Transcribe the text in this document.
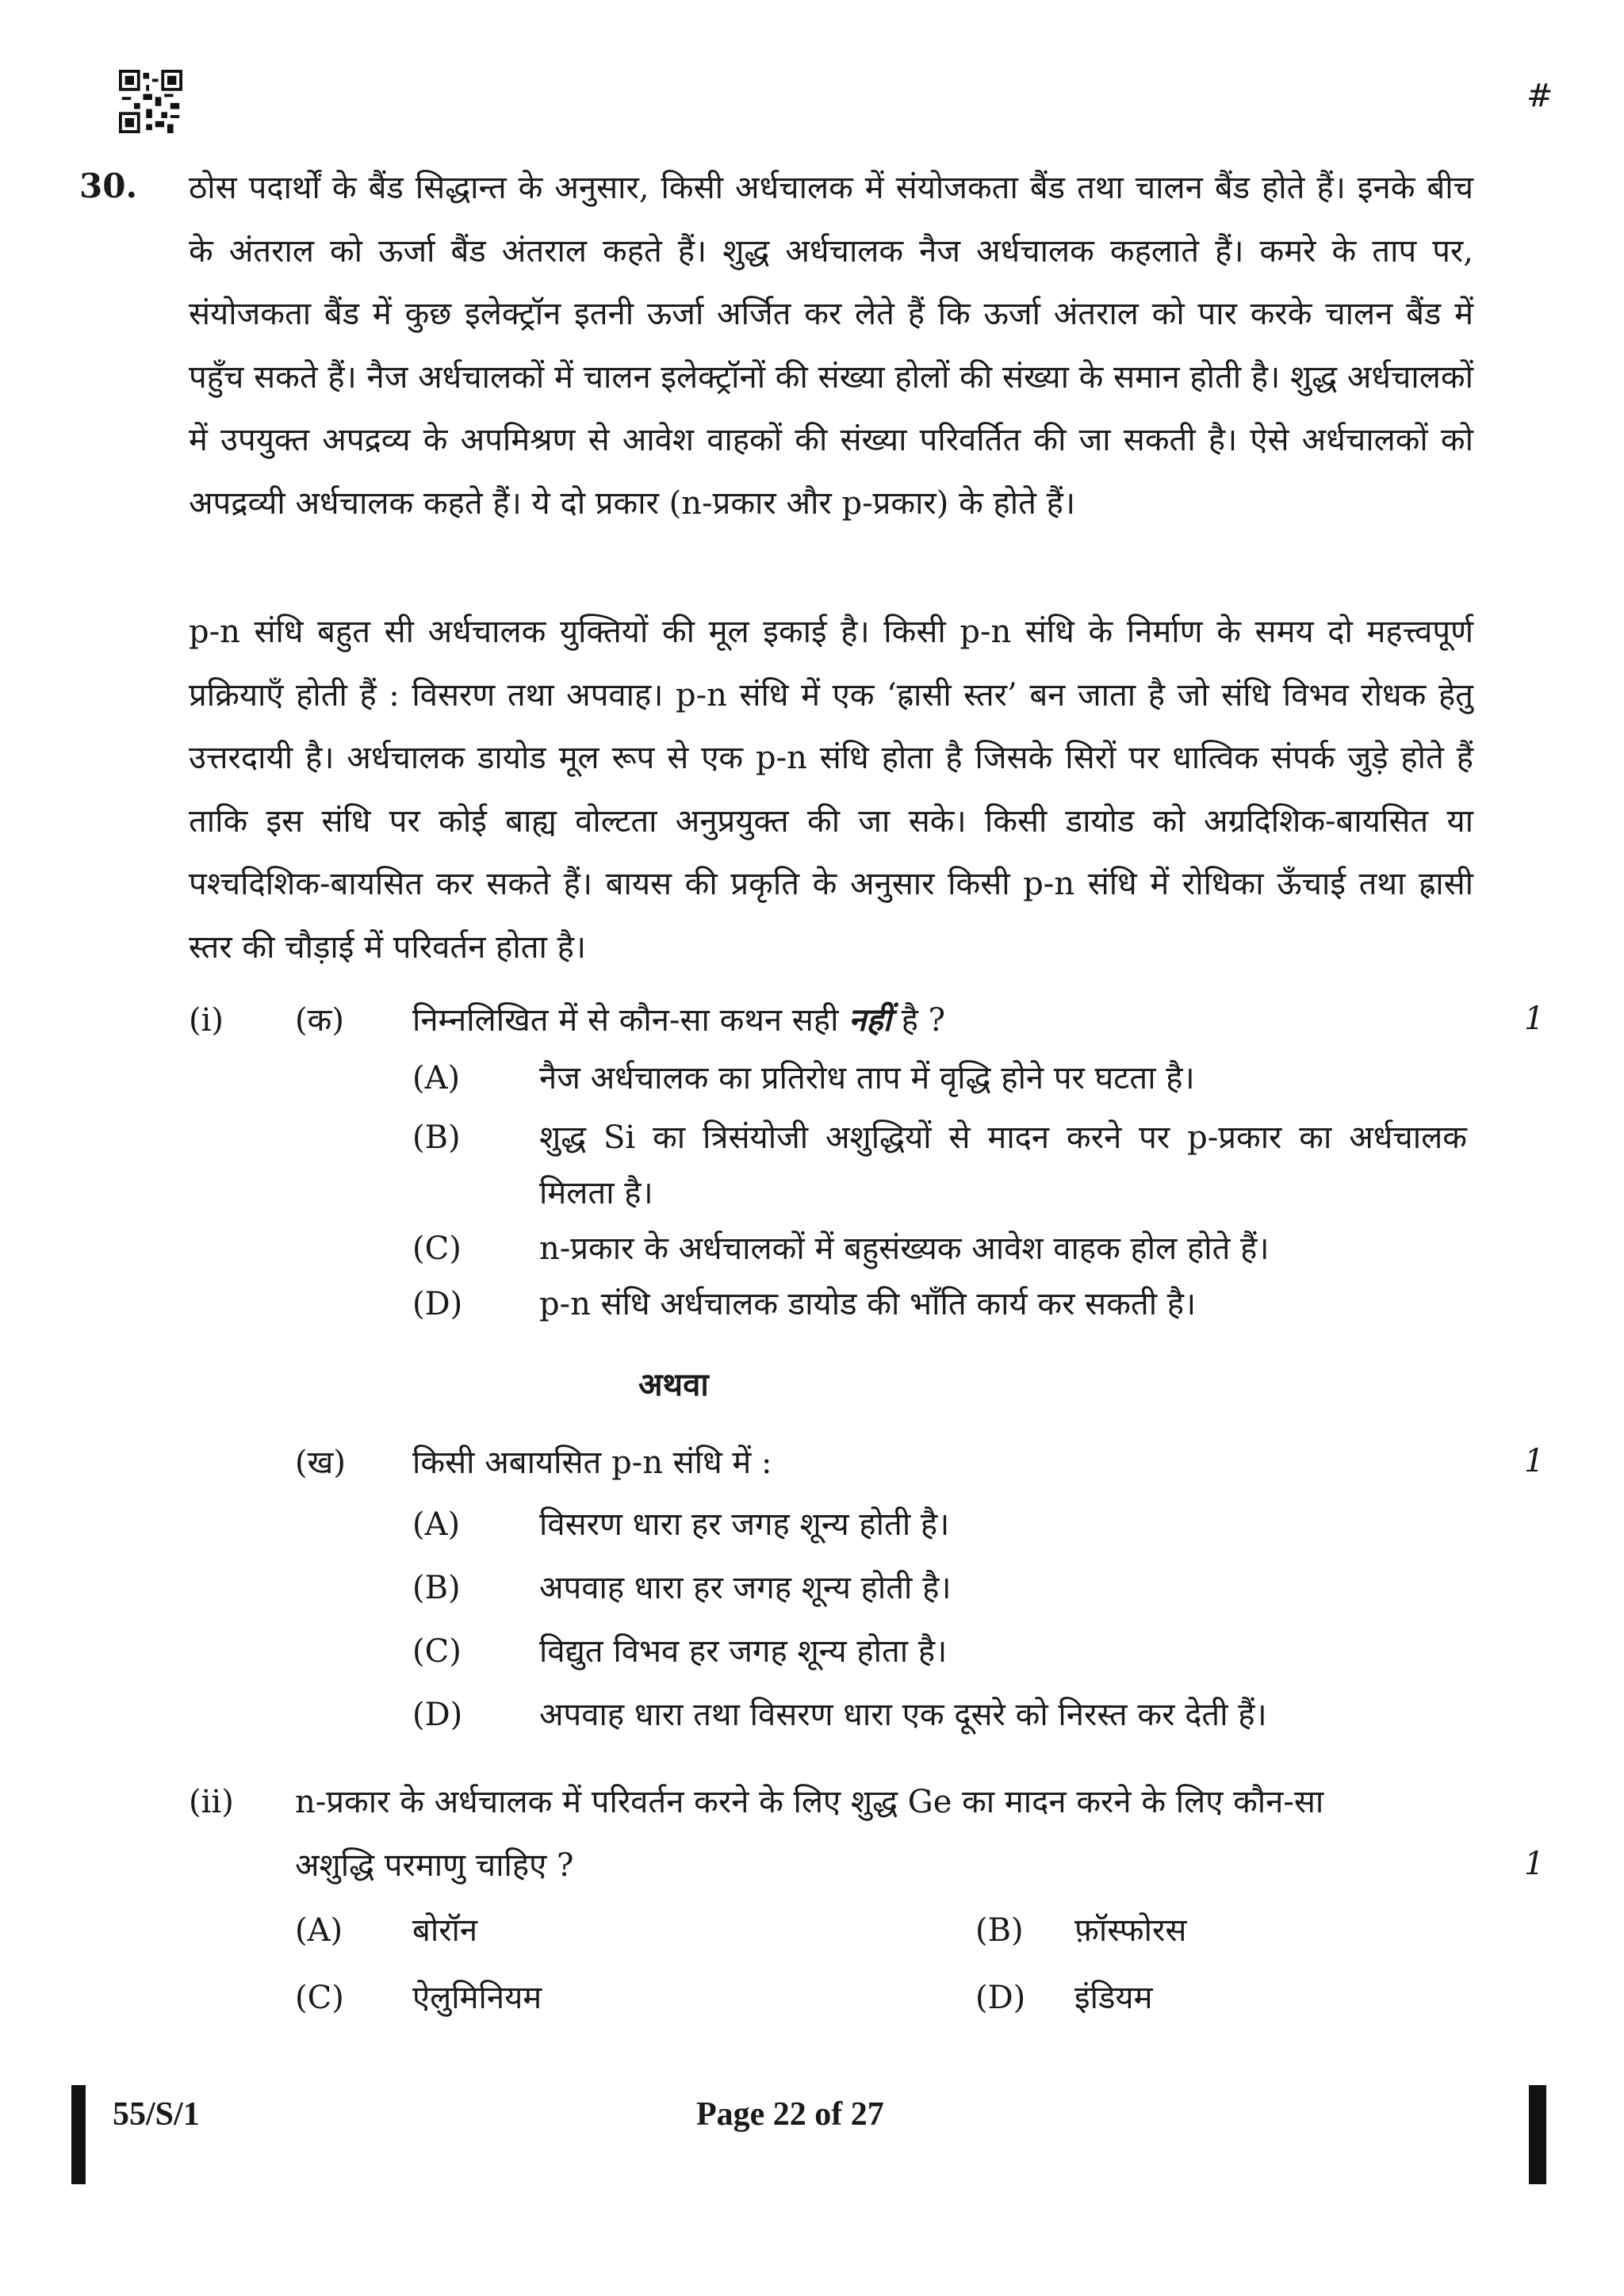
#
30. ठोस पदार्थों के बैंड सिद्धान्त के अनुसार, किसी अर्धचालक में संयोजकता बैंड तथा चालन बैंड होते हैं। इनके बीच के अंतराल को ऊर्जा बैंड अंतराल कहते हैं। शुद्ध अर्धचालक नैज अर्धचालक कहलाते हैं। कमरे के ताप पर, संयोजकता बैंड में कुछ इलेक्ट्रॉन इतनी ऊर्जा अर्जित कर लेते हैं कि ऊर्जा अंतराल को पार करके चालन बैंड में पहुँच सकते हैं। नैज अर्धचालकों में चालन इलेक्ट्रॉनों की संख्या होलों की संख्या के समान होती है। शुद्ध अर्धचालकों में उपयुक्त अपद्रव्य के अपमिश्रण से आवेश वाहकों की संख्या परिवर्तित की जा सकती है। ऐसे अर्धचालकों को अपद्रव्यी अर्धचालक कहते हैं। ये दो प्रकार (n-प्रकार और p-प्रकार) के होते हैं।

p-n संधि बहुत सी अर्धचालक युक्तियों की मूल इकाई है। किसी p-n संधि के निर्माण के समय दो महत्त्वपूर्ण प्रक्रियाएँ होती हैं : विसरण तथा अपवाह। p-n संधि में एक ‘ह्रासी स्तर’ बन जाता है जो संधि विभव रोधक हेतु उत्तरदायी है। अर्धचालक डायोड मूल रूप से एक p-n संधि होता है जिसके सिरों पर धात्विक संपर्क जुड़े होते हैं ताकि इस संधि पर कोई बाह्य वोल्टता अनुप्रयुक्त की जा सके। किसी डायोड को अग्रदिशिक-बायसित या पश्चदिशिक-बायसित कर सकते हैं। बायस की प्रकृति के अनुसार किसी p-n संधि में रोधिका ऊँचाई तथा ह्रासी स्तर की चौड़ाई में परिवर्तन होता है।

(i) (क) निम्नलिखित में से कौन-सा कथन सही नहीं है ?	1
(A) नैज अर्धचालक का प्रतिरोध ताप में वृद्धि होने पर घटता है।
(B) शुद्ध Si का त्रिसंयोजी अशुद्धियों से मादन करने पर p-प्रकार का अर्धचालक मिलता है।
(C) n-प्रकार के अर्धचालकों में बहुसंख्यक आवेश वाहक होल होते हैं।
(D) p-n संधि अर्धचालक डायोड की भाँति कार्य कर सकती है।
अथवा
(ख) किसी अबायसित p-n संधि में :	1
(A) विसरण धारा हर जगह शून्य होती है।
(B) अपवाह धारा हर जगह शून्य होती है।
(C) विद्युत विभव हर जगह शून्य होता है।
(D) अपवाह धारा तथा विसरण धारा एक दूसरे को निरस्त कर देती हैं।
(ii) n-प्रकार के अर्धचालक में परिवर्तन करने के लिए शुद्ध Ge का मादन करने के लिए कौन-सा
अशुद्धि परमाणु चाहिए ?	1
(A) बोरॉन	(B) फ़ॉस्फोरस
(C) ऐलुमिनियम	(D) इंडियम
55/S/1	Page 22 of 27
